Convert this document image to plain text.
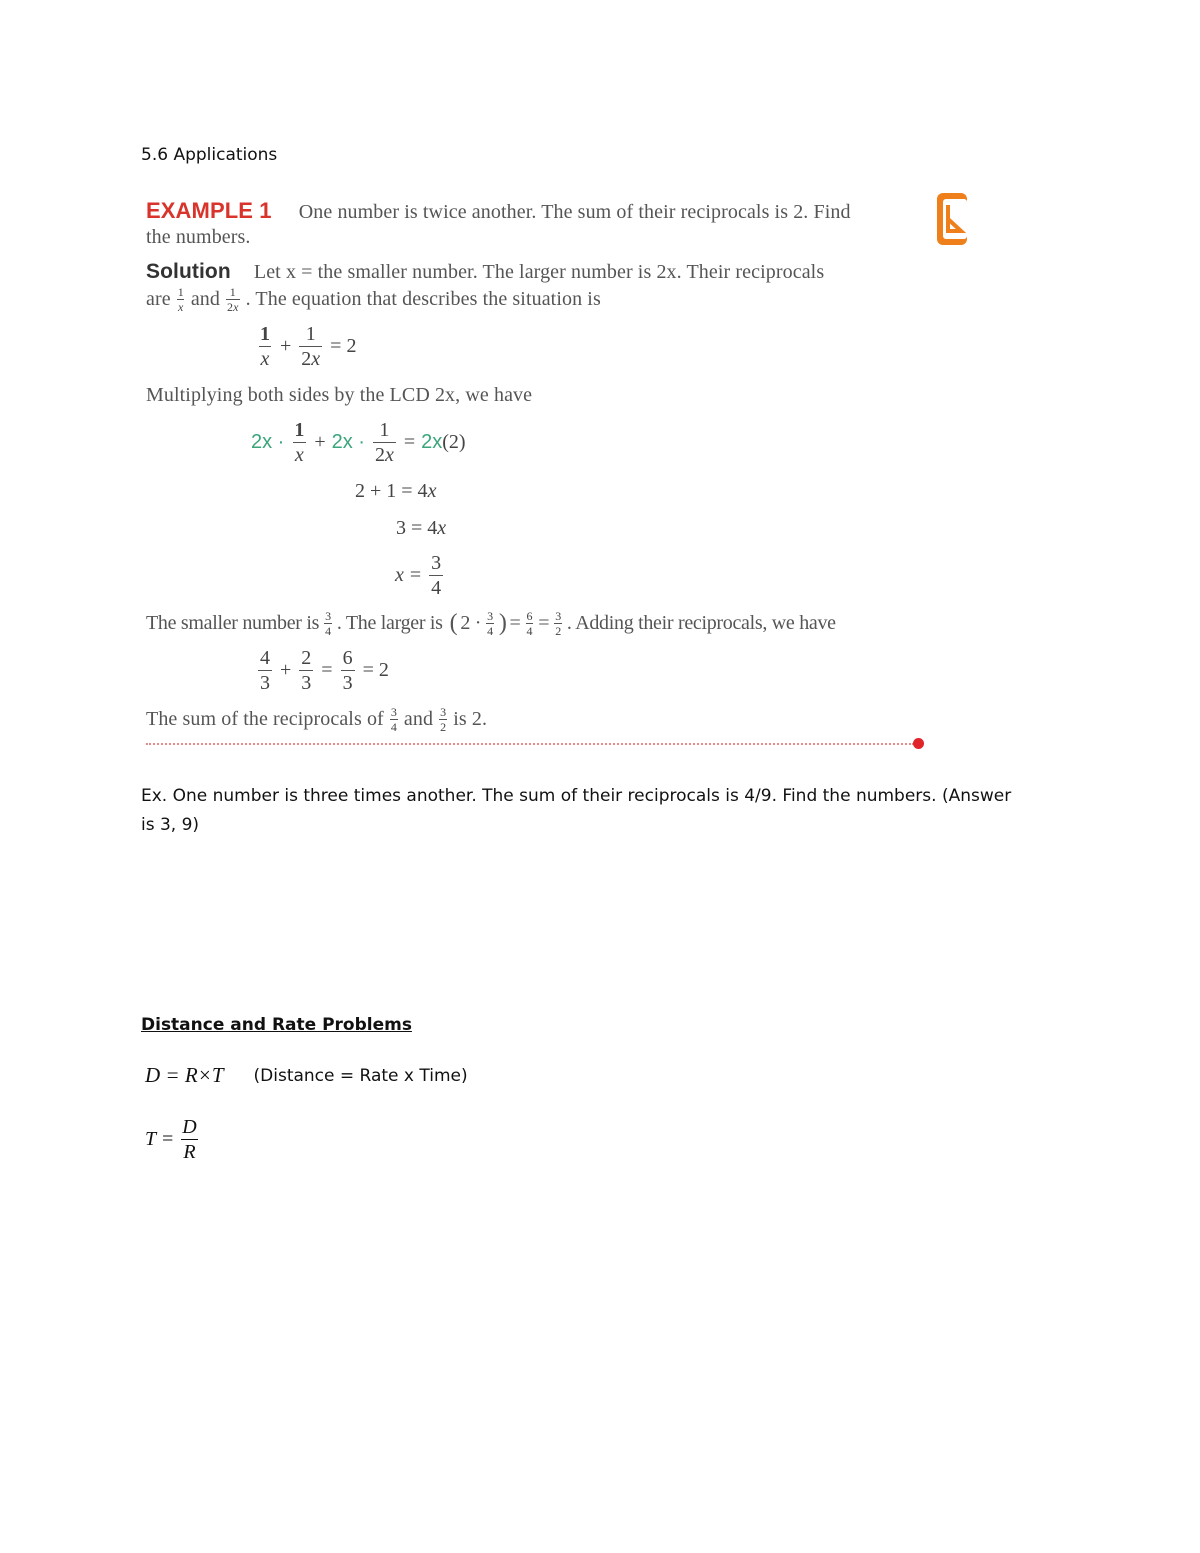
5.6 Applications
EXAMPLE 1 One number is twice another. The sum of their reciprocals is 2. Find
the numbers.
Solution Let x = the smaller number. The larger number is 2x. Their reciprocals
are $\frac{1}{x}$ and $\frac{1}{2x}$ . The equation that describes the situation is
$\frac{1}{x} + \frac{1}{2x} = 2$
Multiplying both sides by the LCD 2x, we have
$2x \cdot \frac{1}{x} + 2x \cdot \frac{1}{2x} = 2x$ (2)
2 + 1 = 4x
3 = 4x
$x = \frac{3}{4}$
The smaller number is $\frac{3}{4}$ . The larger is ( $2 \cdot \frac{3}{4}$ ) = $\frac{6}{4} = \frac{3}{2}$ . Adding their reciprocals, we have
$\frac{4}{3} + \frac{2}{3} = \frac{6}{3} = 2$
The sum of the reciprocals of $\frac{3}{4}$ and $\frac{3}{2}$ is 2.
Ex. One number is three times another. The sum of their reciprocals is 4/9. Find the numbers. (Answer
is 3, 9)
Distance and Rate Problems
D = R×T (Distance = Rate x Time)
$T = \frac{D}{R}$
